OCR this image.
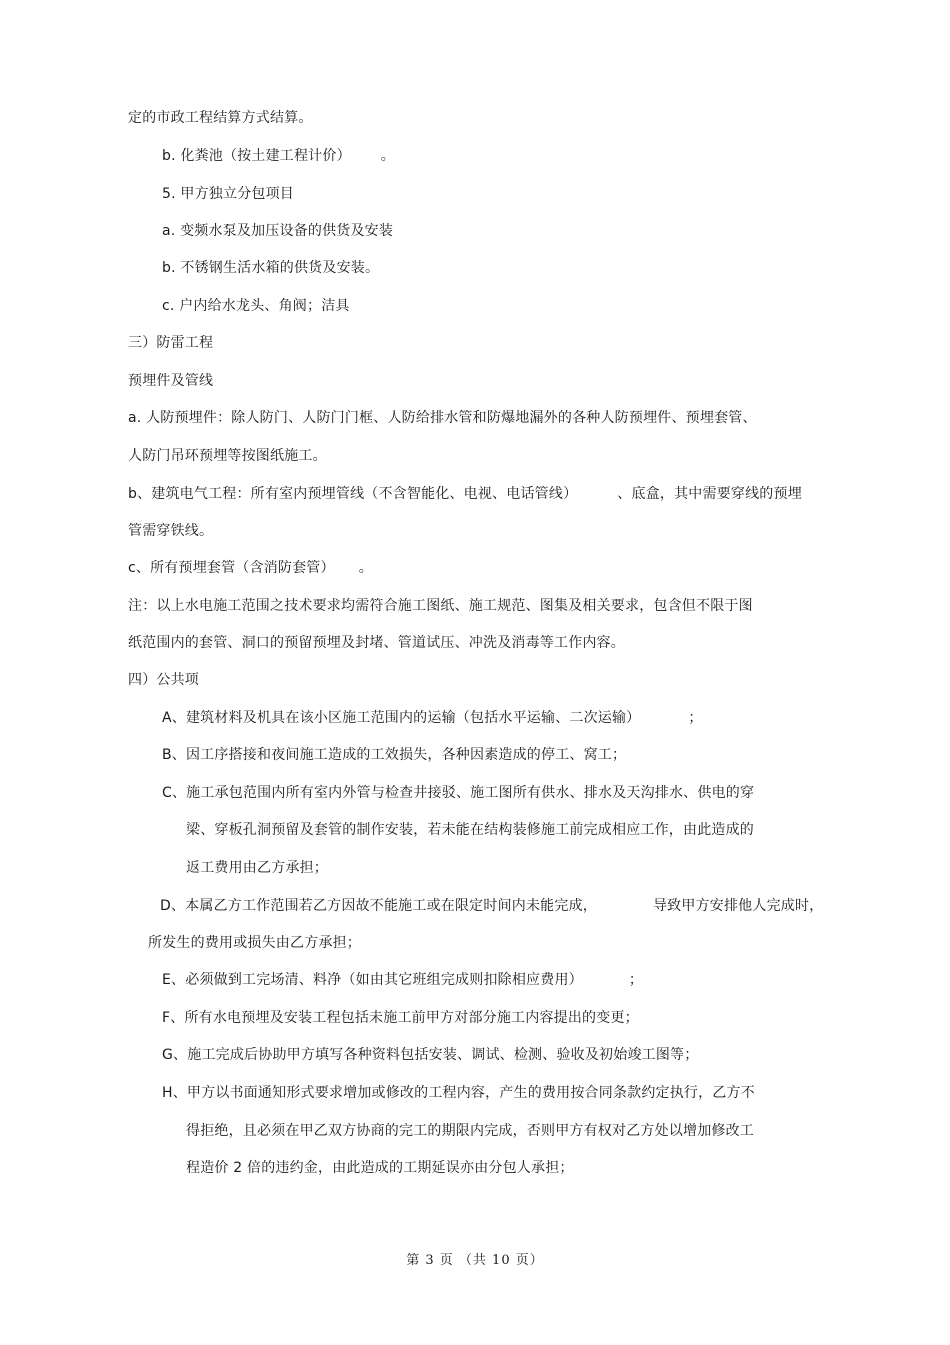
定的市政工程结算方式结算。
b. 化粪池（按土建工程计价） 。
5. 甲方独立分包项目
a. 变频水泵及加压设备的供货及安装
b. 不锈钢生活水箱的供货及安装。
c. 户内给水龙头、角阀；洁具
三）防雷工程
预埋件及管线
a. 人防预埋件：除人防门、人防门门框、人防给排水管和防爆地漏外的各种人防预埋件、预埋套管、
人防门吊环预埋等按图纸施工。
b、建筑电气工程：所有室内预埋管线（不含智能化、电视、电话管线）	、底盒，其中需要穿线的预埋
管需穿铁线。
c、所有预埋套管（含消防套管） 。
注：以上水电施工范围之技术要求均需符合施工图纸、施工规范、图集及相关要求，包含但不限于图
纸范围内的套管、洞口的预留预埋及封堵、管道试压、冲洗及消毒等工作内容。
四）公共项
A、建筑材料及机具在该小区施工范围内的运输（包括水平运输、二次运输）	；
B、因工序搭接和夜间施工造成的工效损失，各种因素造成的停工、窝工；
C、施工承包范围内所有室内外管与检查井接驳、施工图所有供水、排水及天沟排水、供电的穿
梁、穿板孔洞预留及套管的制作安装，若未能在结构装修施工前完成相应工作，由此造成的
返工费用由乙方承担；
D、本属乙方工作范围若乙方因故不能施工或在限定时间内未能完成，	导致甲方安排他人完成时，
所发生的费用或损失由乙方承担；
E、必须做到工完场清、料净（如由其它班组完成则扣除相应费用）	；
F、所有水电预埋及安装工程包括未施工前甲方对部分施工内容提出的变更；
G、施工完成后协助甲方填写各种资料包括安装、调试、检测、验收及初始竣工图等；
H、甲方以书面通知形式要求增加或修改的工程内容，产生的费用按合同条款约定执行，乙方不
得拒绝，且必须在甲乙双方协商的完工的期限内完成，否则甲方有权对乙方处以增加修改工
程造价 2 倍的违约金，由此造成的工期延误亦由分包人承担；
第 3 页 （共 10 页）
